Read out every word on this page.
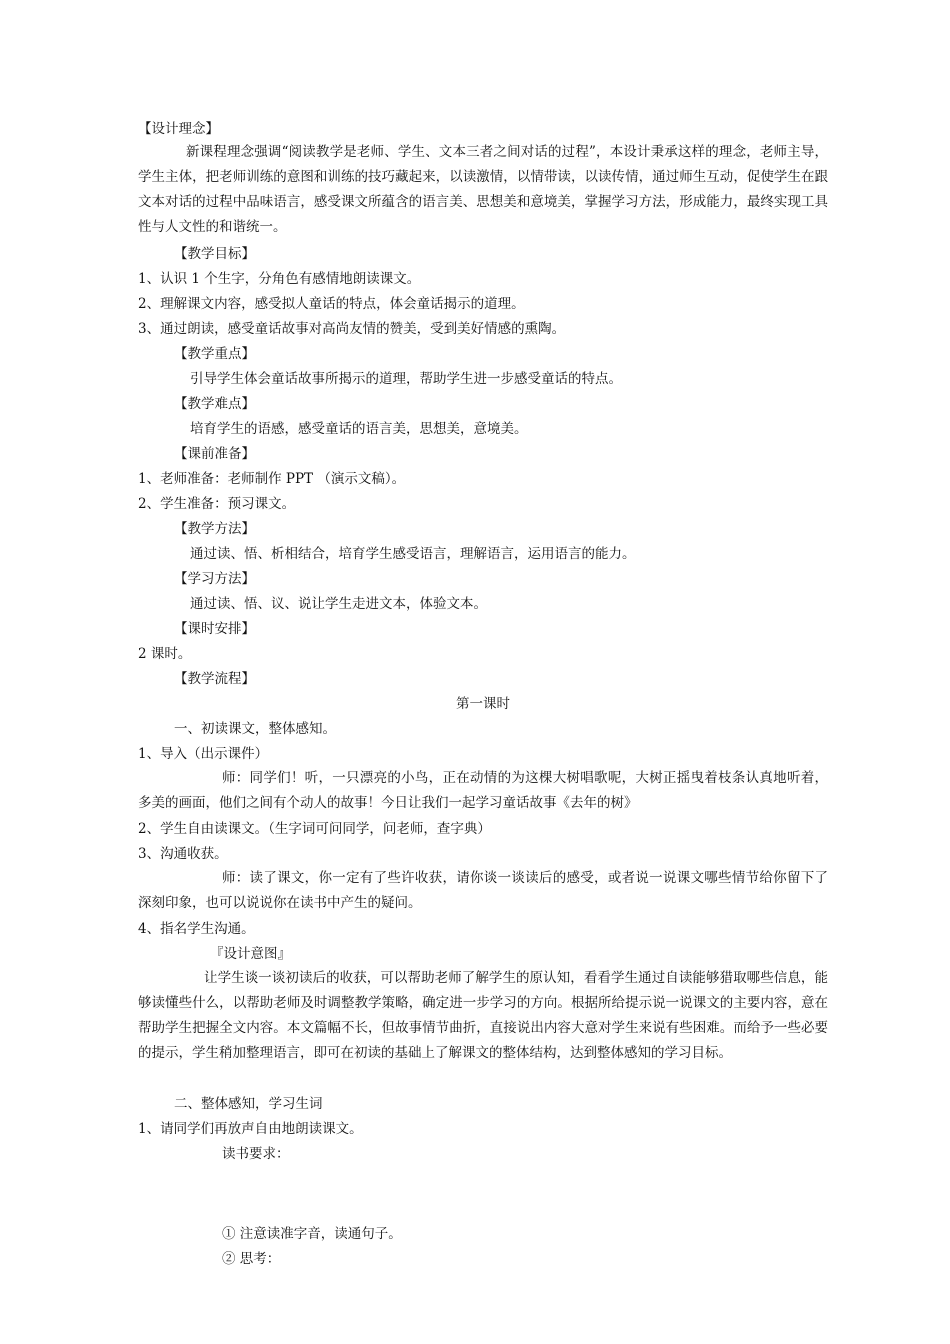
【设计理念】
新课程理念强调“阅读教学是老师、学生、文本三者之间对话的过程”，本设计秉承这样的理念，老师主导，学生主体，把老师训练的意图和训练的技巧藏起来，以读激情，以情带读，以读传情，通过师生互动，促使学生在跟文本对话的过程中品味语言，感受课文所蕴含的语言美、思想美和意境美，掌握学习方法，形成能力，最终实现工具性与人文性的和谐统一。
【教学目标】
1、认识 1 个生字，分角色有感情地朗读课文。
2、理解课文内容，感受拟人童话的特点，体会童话揭示的道理。
3、通过朗读，感受童话故事对高尚友情的赞美，受到美好情感的熏陶。
【教学重点】
引导学生体会童话故事所揭示的道理，帮助学生进一步感受童话的特点。
【教学难点】
培育学生的语感，感受童话的语言美，思想美，意境美。
【课前准备】
1、老师准备：老师制作 PPT （演示文稿）。
2、学生准备：预习课文。
【教学方法】
通过读、悟、析相结合，培育学生感受语言，理解语言，运用语言的能力。
【学习方法】
通过读、悟、议、说让学生走进文本，体验文本。
【课时安排】
2 课时。
【教学流程】
第一课时
一、初读课文，整体感知。
1、导入（出示课件）
师：同学们！听，一只漂亮的小鸟，正在动情的为这棵大树唱歌呢，大树正摇曳着枝条认真地听着，多美的画面，他们之间有个动人的故事！今日让我们一起学习童话故事《去年的树》
2、学生自由读课文。（生字词可问同学，问老师，查字典）
3、沟通收获。
师：读了课文，你一定有了些许收获，请你谈一谈读后的感受，或者说一说课文哪些情节给你留下了深刻印象，也可以说说你在读书中产生的疑问。
4、指名学生沟通。
『设计意图』
让学生谈一谈初读后的收获，可以帮助老师了解学生的原认知，看看学生通过自读能够猎取哪些信息，能够读懂些什么，以帮助老师及时调整教学策略，确定进一步学习的方向。根据所给提示说一说课文的主要内容，意在帮助学生把握全文内容。本文篇幅不长，但故事情节曲折，直接说出内容大意对学生来说有些困难。而给予一些必要的提示，学生稍加整理语言，即可在初读的基础上了解课文的整体结构，达到整体感知的学习目标。
二、整体感知，学习生词
1、请同学们再放声自由地朗读课文。
读书要求：
① 注意读准字音，读通句子。
② 思考：
